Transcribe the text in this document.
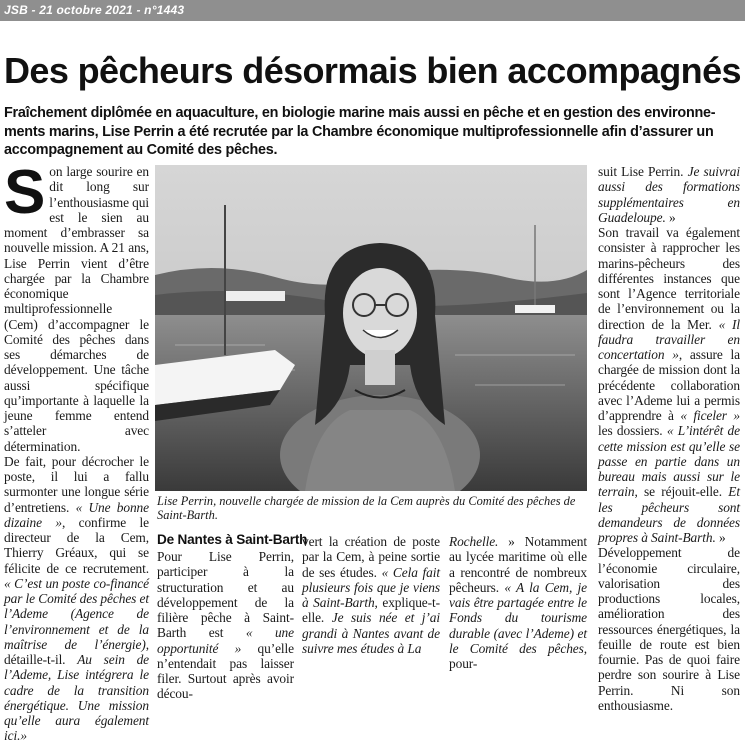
JSB - 21 octobre 2021 - n°1443
Des pêcheurs désormais bien accompagnés

Fraîchement diplômée en aquaculture, en biologie marine mais aussi en pêche et en gestion des environnements marins, Lise Perrin a été recrutée par la Chambre économique multiprofessionnelle afin d’assurer un accompagnement au Comité des pêches.

Son large sourire en dit long sur l’enthousiasme qui est le sien au moment d’embrasser sa nouvelle mission. A 21 ans, Lise Perrin vient d’être chargée par la Chambre économique multiprofessionnelle (Cem) d’accompagner le Comité des pêches dans ses démarches de développement. Une tâche aussi spécifique qu’importante à laquelle la jeune femme entend s’atteler avec détermination.

De fait, pour décrocher le poste, il lui a fallu surmonter une longue série d’entretiens. « Une bonne dizaine », confirme le directeur de la Cem, Thierry Gréaux, qui se félicite de ce recrutement. « C’est un poste co-financé par le Comité des pêches et l’Ademe (Agence de l’environnement et de la maîtrise de l’énergie), détaille-t-il. Au sein de l’Ademe, Lise intégrera le cadre de la transition énergétique. Une mission qu’elle aura également ici.»

Lise Perrin, nouvelle chargée de mission de la Cem auprès du Comité des pêches de Saint-Barth.

De Nantes à Saint-Barth

Pour Lise Perrin, participer à la structuration et au développement de la filière pêche à Saint-Barth est « une opportunité » qu’elle n’entendait pas laisser filer. Surtout après avoir décou-

vert la création de poste par la Cem, à peine sortie de ses études. « Cela fait plusieurs fois que je viens à Saint-Barth, explique-t-elle. Je suis née et j’ai grandi à Nantes avant de suivre mes études à La

Rochelle. » Notamment au lycée maritime où elle a rencontré de nombreux pêcheurs. « A la Cem, je vais être partagée entre le Fonds du tourisme durable (avec l’Ademe) et le Comité des pêches, pour-

suit Lise Perrin. Je suivrai aussi des formations supplémentaires en Guadeloupe. »

Son travail va également consister à rapprocher les marins-pêcheurs des différentes instances que sont l’Agence territoriale de l’environnement ou la direction de la Mer. « Il faudra travailler en concertation », assure la chargée de mission dont la précédente collaboration avec l’Ademe lui a permis d’apprendre à « ficeler » les dossiers. « L’intérêt de cette mission est qu’elle se passe en partie dans un bureau mais aussi sur le terrain, se réjouit-elle. Et les pêcheurs sont demandeurs de données propres à Saint-Barth. »

Développement de l’économie circulaire, valorisation des productions locales, amélioration des ressources énergétiques, la feuille de route est bien fournie. Pas de quoi faire perdre son sourire à Lise Perrin. Ni son enthousiasme.
